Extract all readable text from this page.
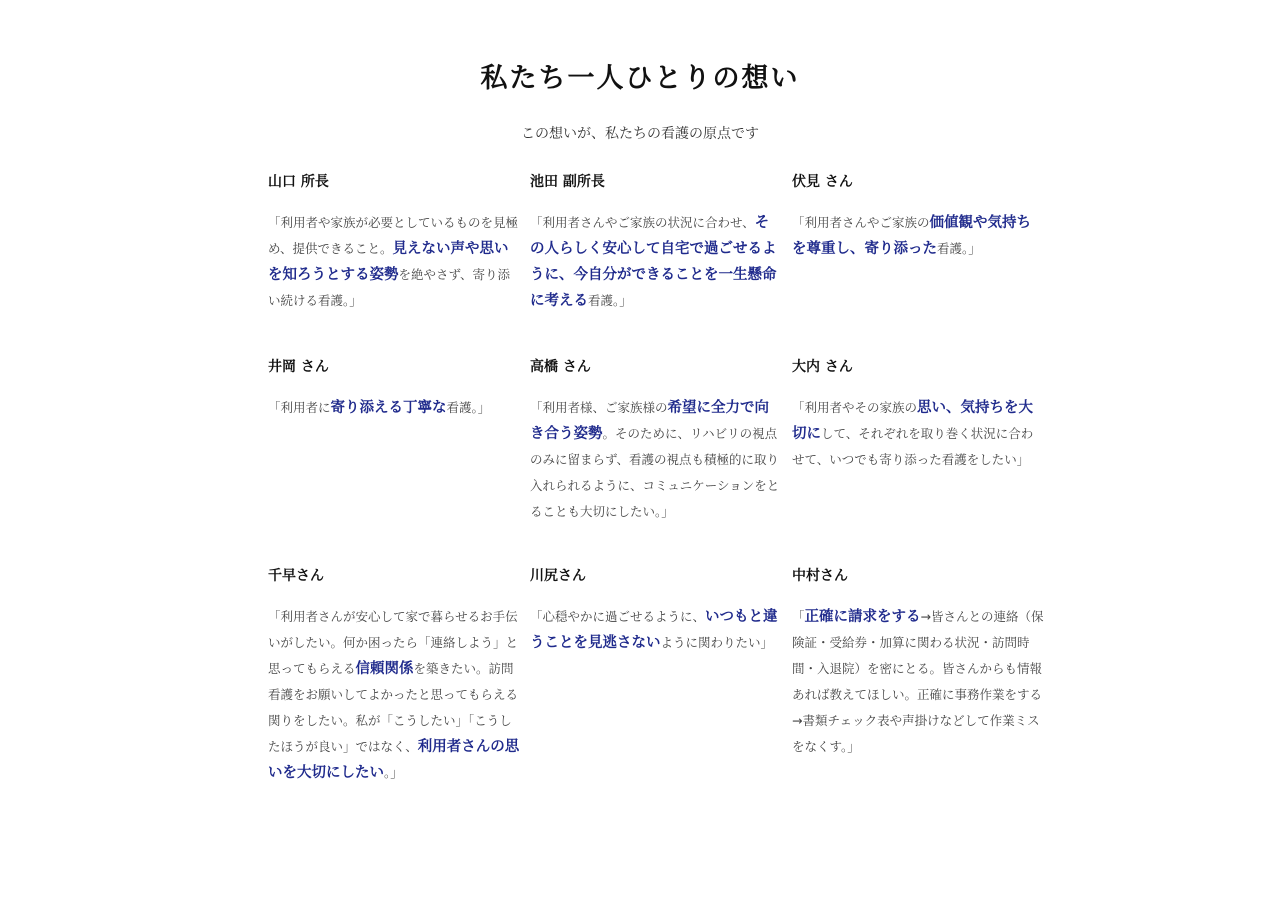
私たち一人ひとりの想い

この想いが、私たちの看護の原点です

山口 所長

「利用者や家族が必要としているものを見極め、提供できること。見えない声や思いを知ろうとする姿勢を絶やさず、寄り添い続ける看護。」

池田 副所長

「利用者さんやご家族の状況に合わせ、その人らしく安心して自宅で過ごせるように、今自分ができることを一生懸命に考える看護。」

伏見 さん

「利用者さんやご家族の価値観や気持ちを尊重し、寄り添った看護。」

井岡 さん

「利用者に寄り添える丁寧な看護。」

高橋 さん

「利用者様、ご家族様の希望に全力で向き合う姿勢。そのために、リハビリの視点のみに留まらず、看護の視点も積極的に取り入れられるように、コミュニケーションをとることも大切にしたい。」

大内 さん

「利用者やその家族の思い、気持ちを大切にして、それぞれを取り巻く状況に合わせて、いつでも寄り添った看護をしたい」

千早さん

「利用者さんが安心して家で暮らせるお手伝いがしたい。何か困ったら「連絡しよう」と思ってもらえる信頼関係を築きたい。訪問看護をお願いしてよかったと思ってもらえる関りをしたい。私が「こうしたい」「こうしたほうが良い」ではなく、利用者さんの思いを大切にしたい。」

川尻さん

「心穏やかに過ごせるように、いつもと違うことを見逃さないように関わりたい」

中村さん

「正確に請求をする→皆さんとの連絡（保険証・受給券・加算に関わる状況・訪問時間・入退院）を密にとる。皆さんからも情報あれば教えてほしい。正確に事務作業をする→書類チェック表や声掛けなどして作業ミスをなくす。」
